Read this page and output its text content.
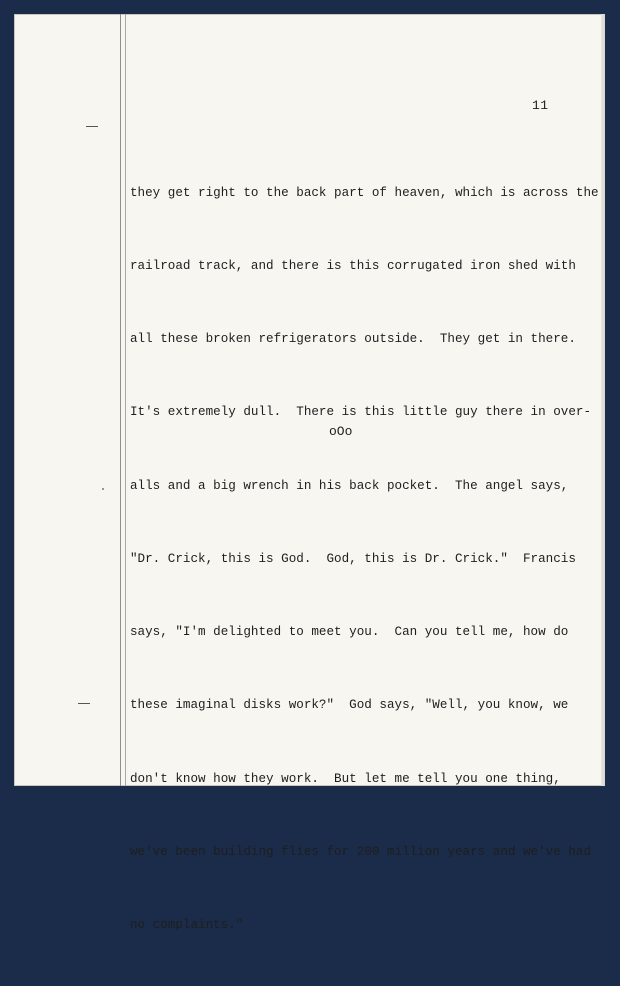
11

they get right to the back part of heaven, which is across the

railroad track, and there is this corrugated iron shed with

all these broken refrigerators outside.  They get in there.

It's extremely dull.  There is this little guy there in over-

alls and a big wrench in his back pocket.  The angel says,

"Dr. Crick, this is God.  God, this is Dr. Crick."  Francis

says, "I'm delighted to meet you.  Can you tell me, how do

these imaginal disks work?"  God says, "Well, you know, we

don't know how they work.  But let me tell you one thing,

we've been building flies for 200 million years and we've had

no complaints."

oOo
